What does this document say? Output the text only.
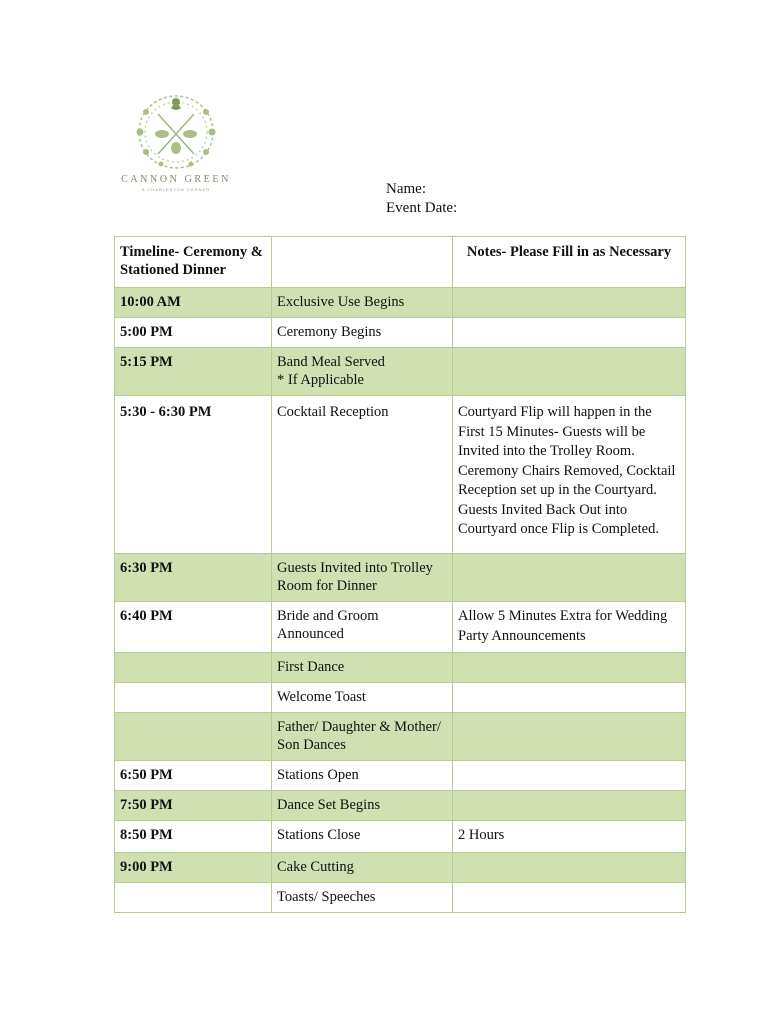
CANNON GREEN
A CHARLESTON CORNER	Name:
Event Date:
Timeline- Ceremony & Stationed Dinner		Notes- Please Fill in as Necessary
10:00 AM	Exclusive Use Begins	
5:00 PM	Ceremony Begins	
5:15 PM	Band Meal Served
* If Applicable	
5:30 - 6:30 PM	Cocktail Reception	Courtyard Flip will happen in the First 15 Minutes- Guests will be Invited into the Trolley Room. Ceremony Chairs Removed, Cocktail Reception set up in the Courtyard. Guests Invited Back Out into Courtyard once Flip is Completed.
6:30 PM	Guests Invited into Trolley Room for Dinner	
6:40 PM	Bride and Groom Announced	Allow 5 Minutes Extra for Wedding Party Announcements
	First Dance	
	Welcome Toast	
	Father/ Daughter & Mother/ Son Dances	
6:50 PM	Stations Open	
7:50 PM	Dance Set Begins	
8:50 PM	Stations Close	2 Hours
9:00 PM	Cake Cutting	
	Toasts/ Speeches	
